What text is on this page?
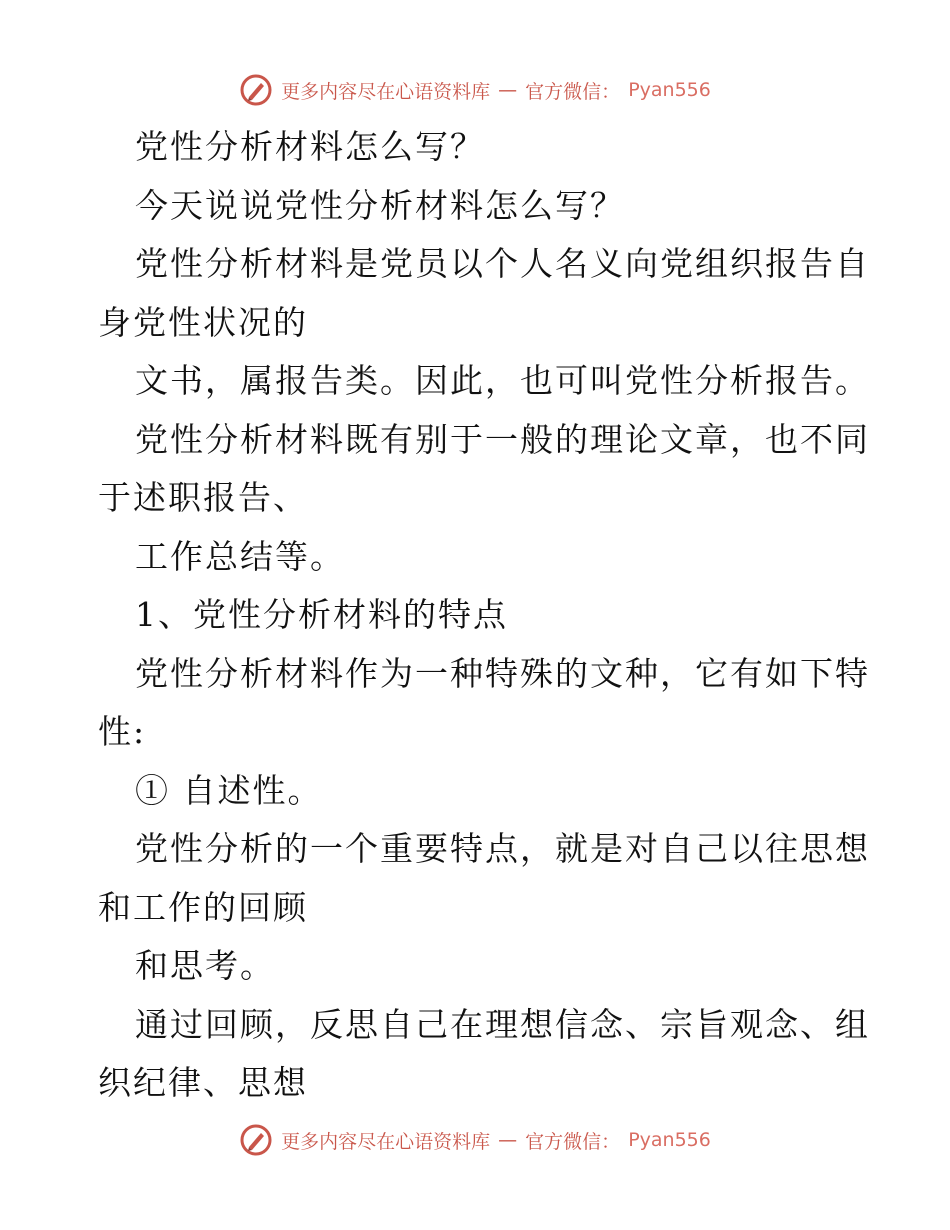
更多内容尽在心语资料库 — 官方微信： Pyan556
党性分析材料怎么写？
今天说说党性分析材料怎么写？
党性分析材料是党员以个人名义向党组织报告自
身党性状况的
文书，属报告类。因此，也可叫党性分析报告。
党性分析材料既有别于一般的理论文章，也不同
于述职报告、
工作总结等。
1、党性分析材料的特点
党性分析材料作为一种特殊的文种，它有如下特
性:
① 自述性。
党性分析的一个重要特点，就是对自己以往思想
和工作的回顾
和思考。
通过回顾，反思自己在理想信念、宗旨观念、组
织纪律、思想
更多内容尽在心语资料库 — 官方微信： Pyan556
